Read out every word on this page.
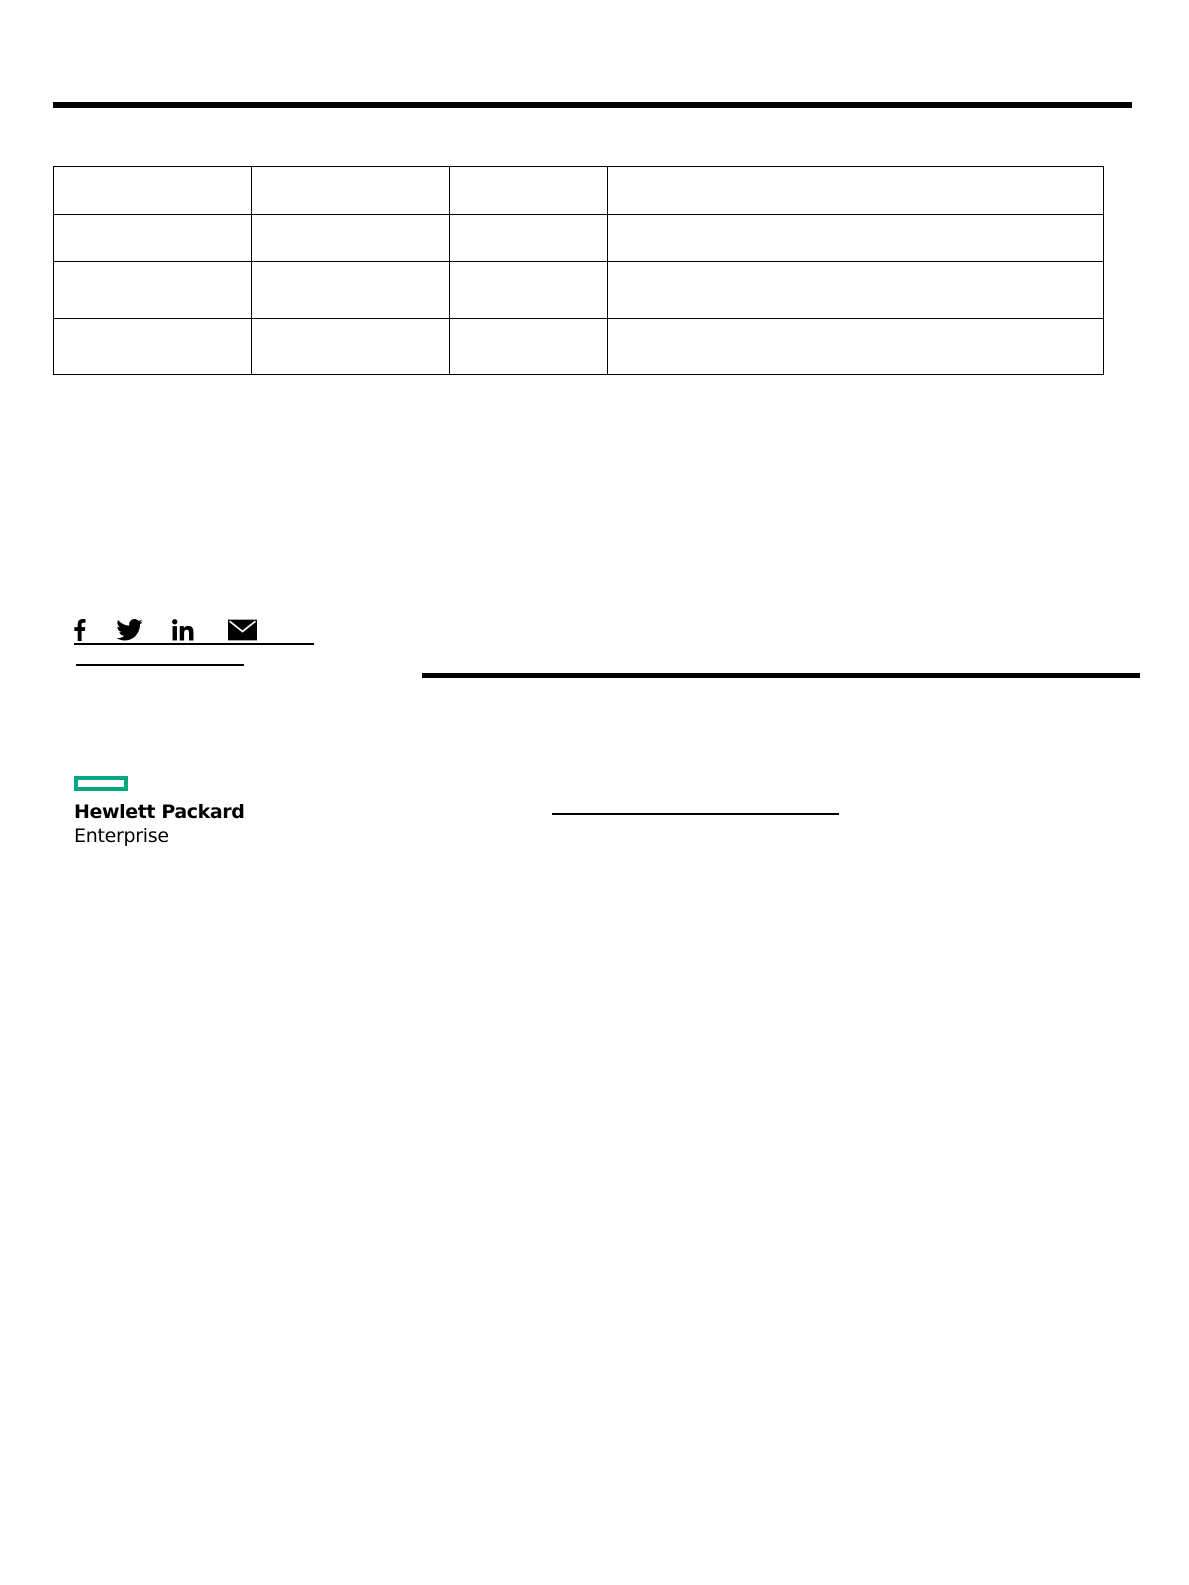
Hewlett Packard
Enterprise
